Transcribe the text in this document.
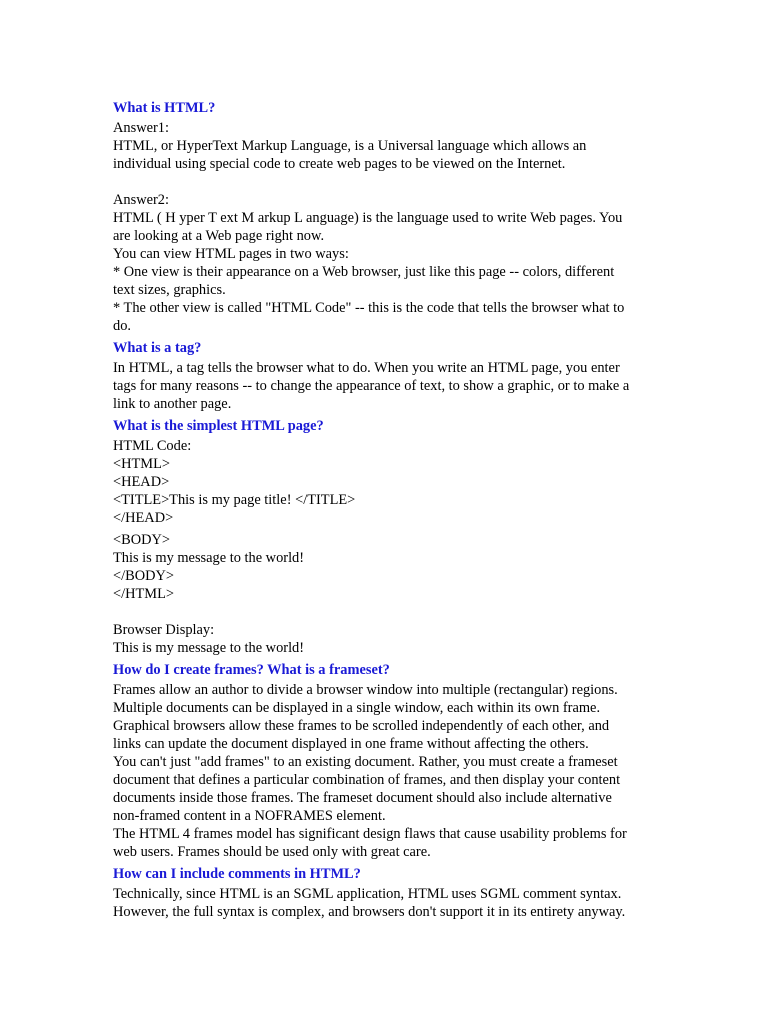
What is HTML?
Answer1:
HTML, or HyperText Markup Language, is a Universal language which allows an
individual using special code to create web pages to be viewed on the Internet.
Answer2:
HTML ( H yper T ext M arkup L anguage) is the language used to write Web pages. You
are looking at a Web page right now.
You can view HTML pages in two ways:
* One view is their appearance on a Web browser, just like this page -- colors, different
text sizes, graphics.
* The other view is called "HTML Code" -- this is the code that tells the browser what to
do.
What is a tag?
In HTML, a tag tells the browser what to do. When you write an HTML page, you enter
tags for many reasons -- to change the appearance of text, to show a graphic, or to make a
link to another page.
What is the simplest HTML page?
HTML Code:
<HTML>
<HEAD>
<TITLE>This is my page title! </TITLE>
</HEAD>
<BODY>
This is my message to the world!
</BODY>
</HTML>
Browser Display:
This is my message to the world!
How do I create frames? What is a frameset?
Frames allow an author to divide a browser window into multiple (rectangular) regions.
Multiple documents can be displayed in a single window, each within its own frame.
Graphical browsers allow these frames to be scrolled independently of each other, and
links can update the document displayed in one frame without affecting the others.
You can't just "add frames" to an existing document. Rather, you must create a frameset
document that defines a particular combination of frames, and then display your content
documents inside those frames. The frameset document should also include alternative
non-framed content in a NOFRAMES element.
The HTML 4 frames model has significant design flaws that cause usability problems for
web users. Frames should be used only with great care.
How can I include comments in HTML?
Technically, since HTML is an SGML application, HTML uses SGML comment syntax.
However, the full syntax is complex, and browsers don't support it in its entirety anyway.
